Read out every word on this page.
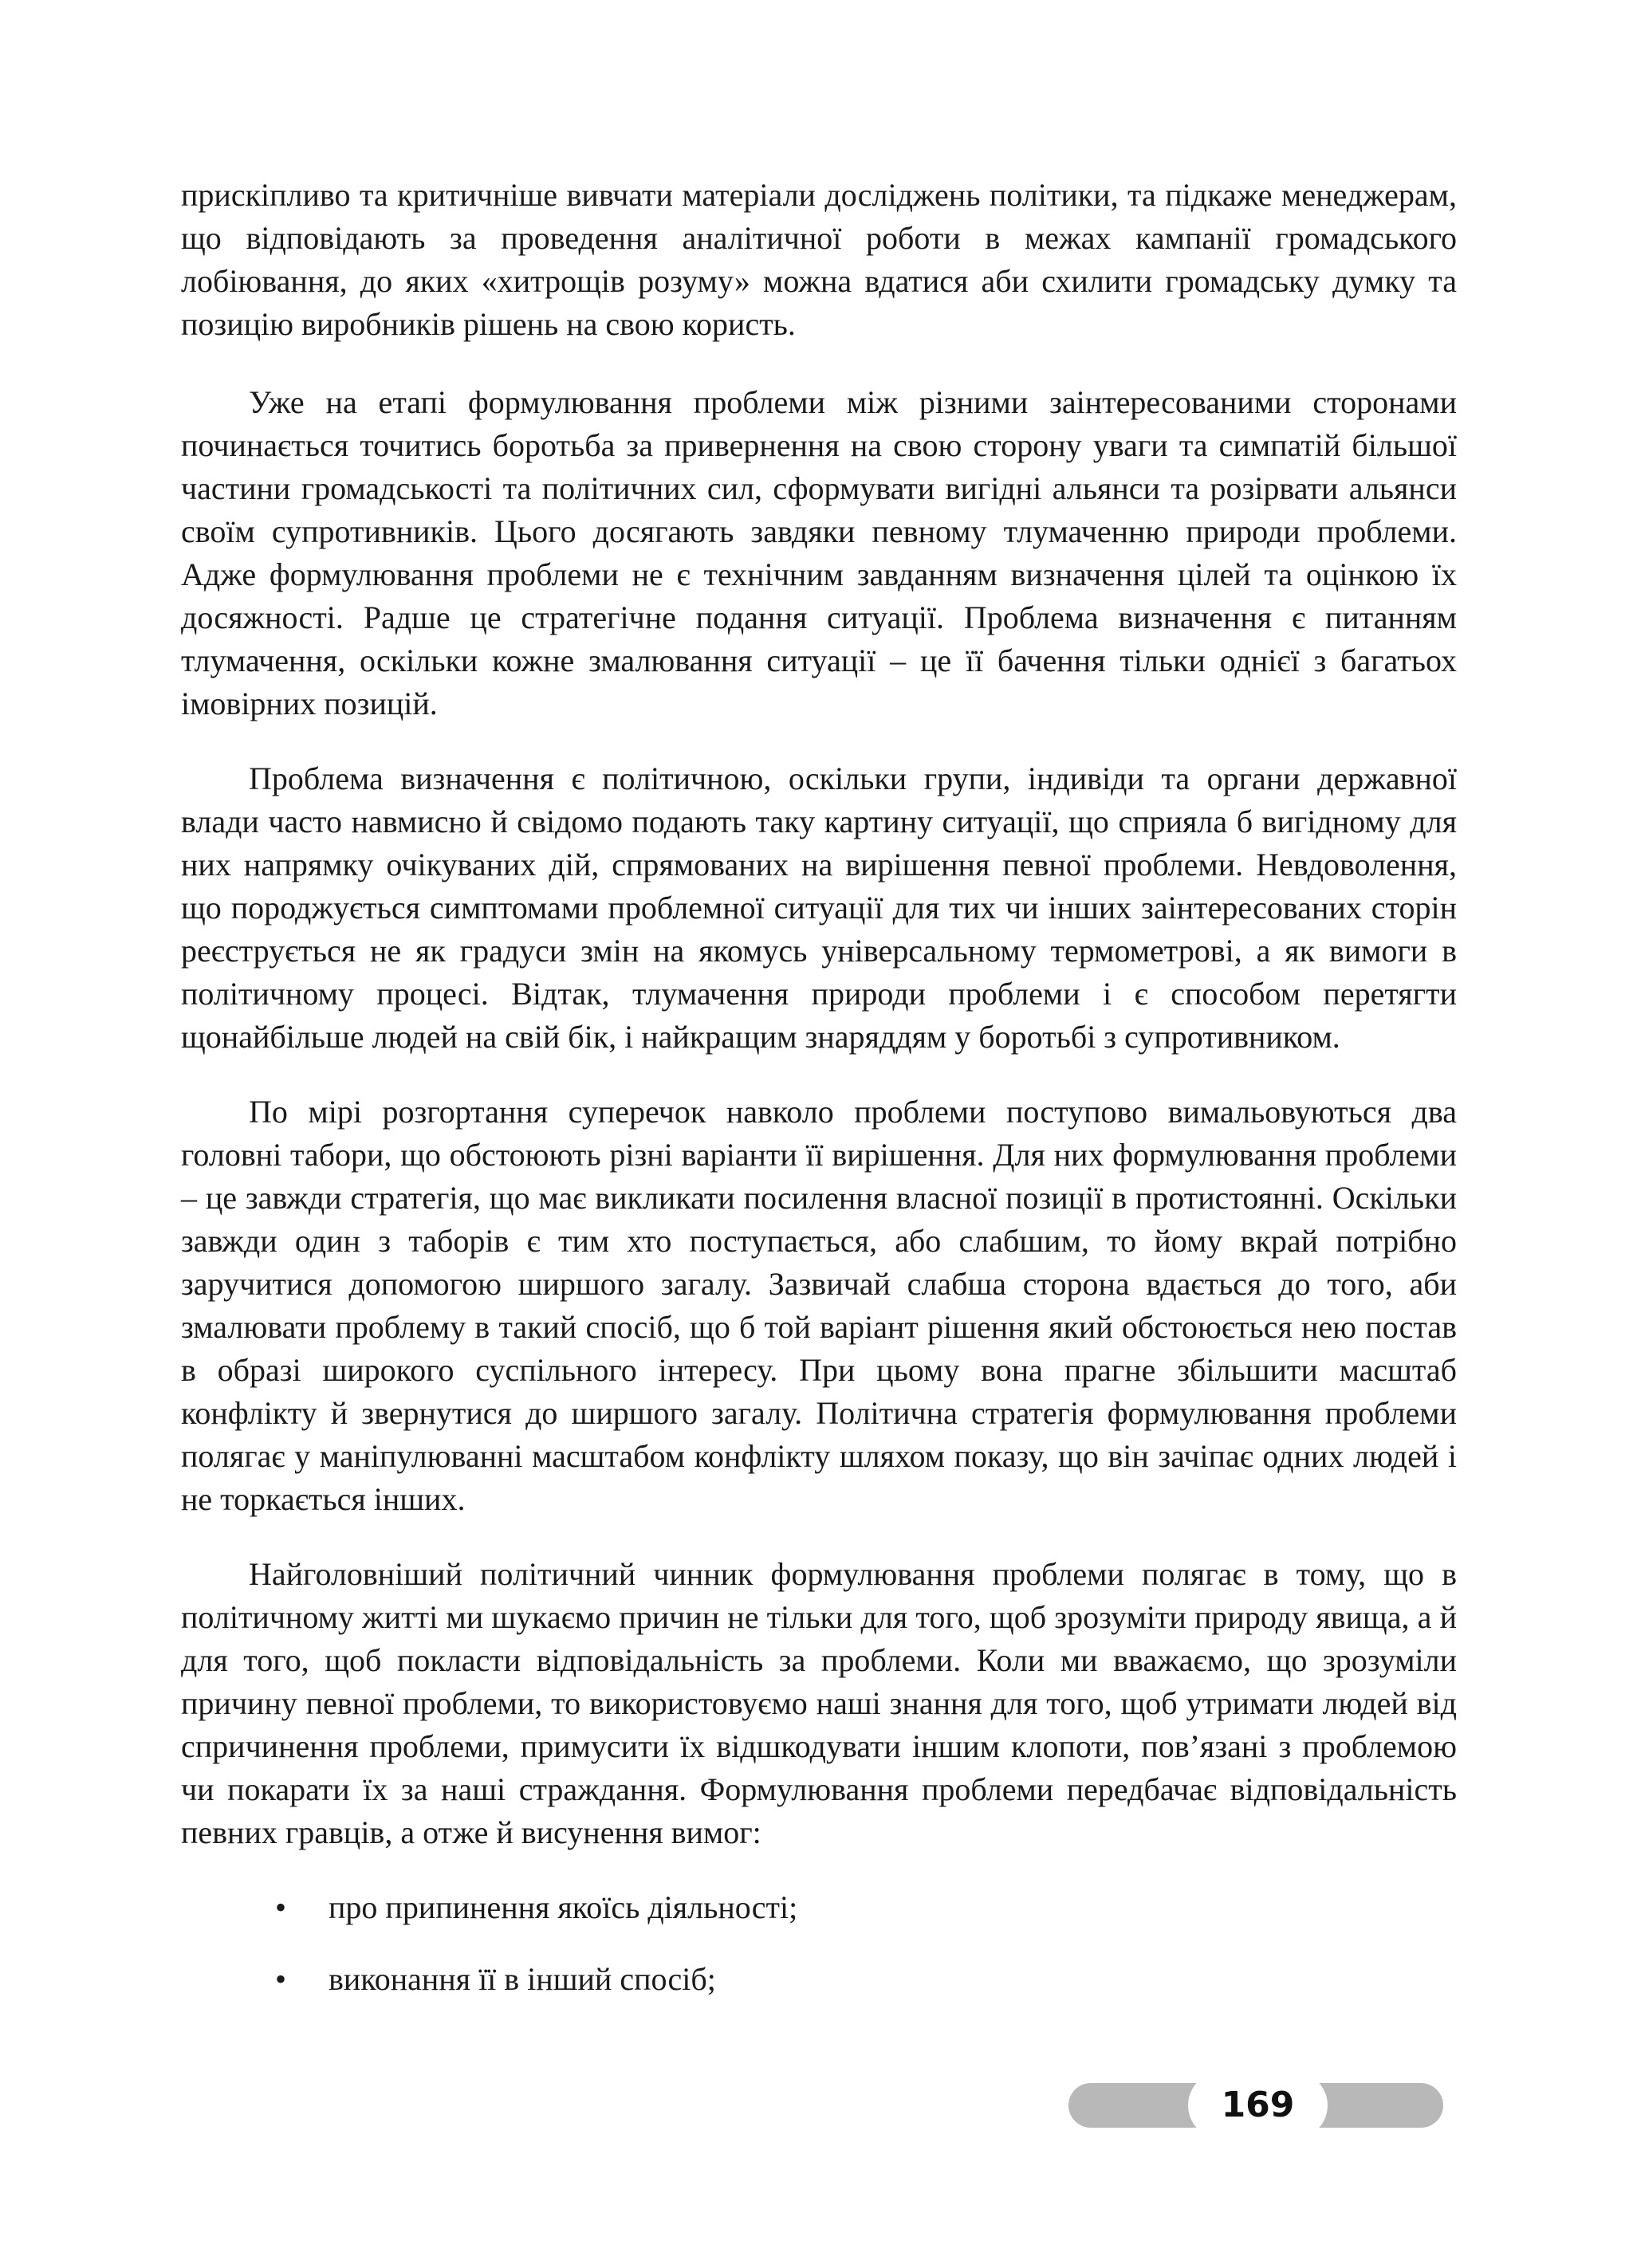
прискіпливо та критичніше вивчати матеріали досліджень політики, та підкаже менеджерам, що відповідають за проведення аналітичної роботи в межах кампанії громадського лобіювання, до яких «хитрощів розуму» можна вдатися аби схилити громадську думку та позицію виробників рішень на свою користь.

Уже на етапі формулювання проблеми між різними заінтересованими сторонами починається точитись боротьба за привернення на свою сторону уваги та симпатій більшої частини громадськості та політичних сил, сформувати вигідні альянси та розірвати альянси своїм супротивників. Цього досягають завдяки певному тлумаченню природи проблеми. Адже формулювання проблеми не є технічним завданням визначення цілей та оцінкою їх досяжності. Радше це стратегічне подання ситуації. Проблема визначення є питанням тлумачення, оскільки кожне змалювання ситуації – це її бачення тільки однієї з багатьох імовірних позицій.

Проблема визначення є політичною, оскільки групи, індивіди та органи державної влади часто навмисно й свідомо подають таку картину ситуації, що сприяла б вигідному для них напрямку очікуваних дій, спрямованих на вирішення певної проблеми. Невдоволення, що породжується симптомами проблемної ситуації для тих чи інших заінтересованих сторін реєструється не як градуси змін на якомусь універсальному термометрові, а як вимоги в політичному процесі. Відтак, тлумачення природи проблеми і є способом перетягти щонайбільше людей на свій бік, і найкращим знаряддям у боротьбі з супротивником.

По мірі розгортання суперечок навколо проблеми поступово вимальовуються два головні табори, що обстоюють різні варіанти її вирішення. Для них формулювання проблеми – це завжди стратегія, що має викликати посилення власної позиції в протистоянні. Оскільки завжди один з таборів є тим хто поступається, або слабшим, то йому вкрай потрібно заручитися допомогою ширшого загалу. Зазвичай слабша сторона вдається до того, аби змалювати проблему в такий спосіб, що б той варіант рішення який обстоюється нею постав в образі широкого суспільного інтересу. При цьому вона прагне збільшити масштаб конфлікту й звернутися до ширшого загалу. Політична стратегія формулювання проблеми полягає у маніпулюванні масштабом конфлікту шляхом показу, що він зачіпає одних людей і не торкається інших.

Найголовніший політичний чинник формулювання проблеми полягає в тому, що в політичному житті ми шукаємо причин не тільки для того, щоб зрозуміти природу явища, а й для того, щоб покласти відповідальність за проблеми. Коли ми вважаємо, що зрозуміли причину певної проблеми, то використовуємо наші знання для того, щоб утримати людей від спричинення проблеми, примусити їх відшкодувати іншим клопоти, пов’язані з проблемою чи покарати їх за наші страждання. Формулювання проблеми передбачає відповідальність певних гравців, а отже й висунення вимог:

• про припинення якоїсь діяльності;
• виконання її в інший спосіб;
169
